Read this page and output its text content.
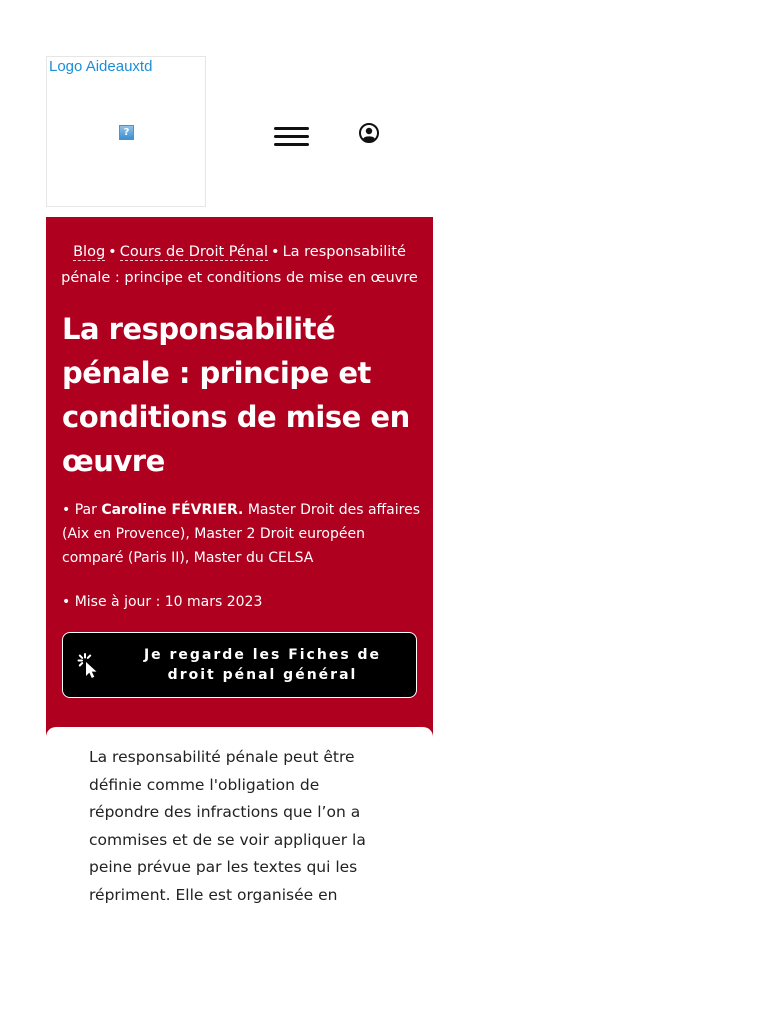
Logo Aideauxtd
?
Blog • Cours de Droit Pénal • La responsabilité pénale : principe et conditions de mise en œuvre
La responsabilité pénale : principe et conditions de mise en œuvre
• Par Caroline FÉVRIER. Master Droit des affaires (Aix en Provence), Master 2 Droit européen comparé (Paris II), Master du CELSA
• Mise à jour : 10 mars 2023
Je regarde les Fiches de droit pénal général

La responsabilité pénale peut être définie comme l'obligation de répondre des infractions que l’on a commises et de se voir appliquer la peine prévue par les textes qui les répriment. Elle est organisée en
